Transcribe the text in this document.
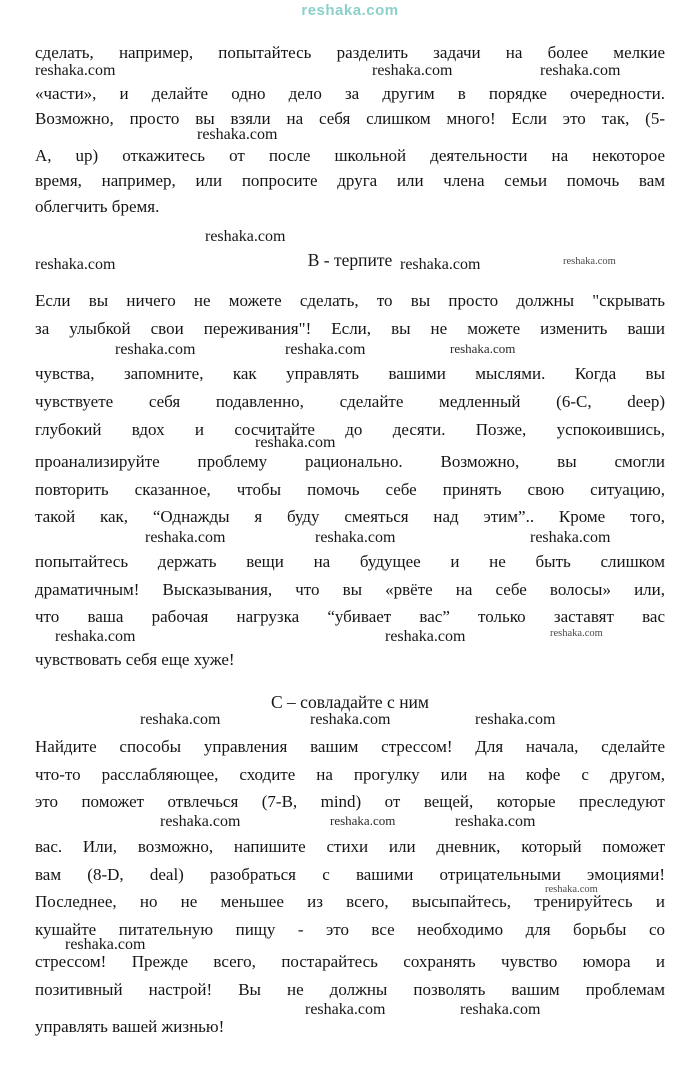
reshaka.com
сделать, например, попытайтесь разделить задачи на более мелкие
reshaka.com	reshaka.com	reshaka.com
«части», и делайте одно дело за другим в порядке очередности.
Возможно, просто вы взяли на себя слишком много! Если это так, (5-
reshaka.com
А, up) откажитесь от после школьной деятельности на некоторое
время, например, или попросите друга или члена семьи помочь вам
облегчить бремя.
reshaka.com
В - терпите
reshaka.com	reshaka.com	reshaka.com
Если вы ничего не можете сделать, то вы просто должны "скрывать
за улыбкой свои переживания"! Если, вы не можете изменить ваши
reshaka.com	reshaka.com	reshaka.com
чувства, запомните, как управлять вашими мыслями. Когда вы
чувствуете себя подавленно, сделайте медленный (6-C, deep)
глубокий вдох и сосчитайте до десяти. Позже, успокоившись,
reshaka.com
проанализируйте проблему рационально. Возможно, вы смогли
повторить сказанное, чтобы помочь себе принять свою ситуацию,
такой как, “Однажды я буду смеяться над этим”.. Кроме того,
reshaka.com	reshaka.com	reshaka.com
попытайтесь держать вещи на будущее и не быть слишком
драматичным! Высказывания, что вы «рвёте на себе волосы» или,
что ваша рабочая нагрузка “убивает вас” только заставят вас
reshaka.com	reshaka.com	reshaka.com
чувствовать себя еще хуже!
С – совладайте с ним
reshaka.com	reshaka.com	reshaka.com
Найдите способы управления вашим стрессом! Для начала, сделайте
что-то расслабляющее, сходите на прогулку или на кофе с другом,
это поможет отвлечься (7-B, mind) от вещей, которые преследуют
reshaka.com	reshaka.com	reshaka.com
вас. Или, возможно, напишите стихи или дневник, который поможет
вам (8-D, deal) разобраться с вашими отрицательными эмоциями!
reshaka.com
Последнее, но не меньшее из всего, высыпайтесь, тренируйтесь и
кушайте питательную пищу - это все необходимо для борьбы со
reshaka.com
стрессом! Прежде всего, постарайтесь сохранять чувство юмора и
позитивный настрой! Вы не должны позволять вашим проблемам
reshaka.com	reshaka.com
управлять вашей жизнью!
